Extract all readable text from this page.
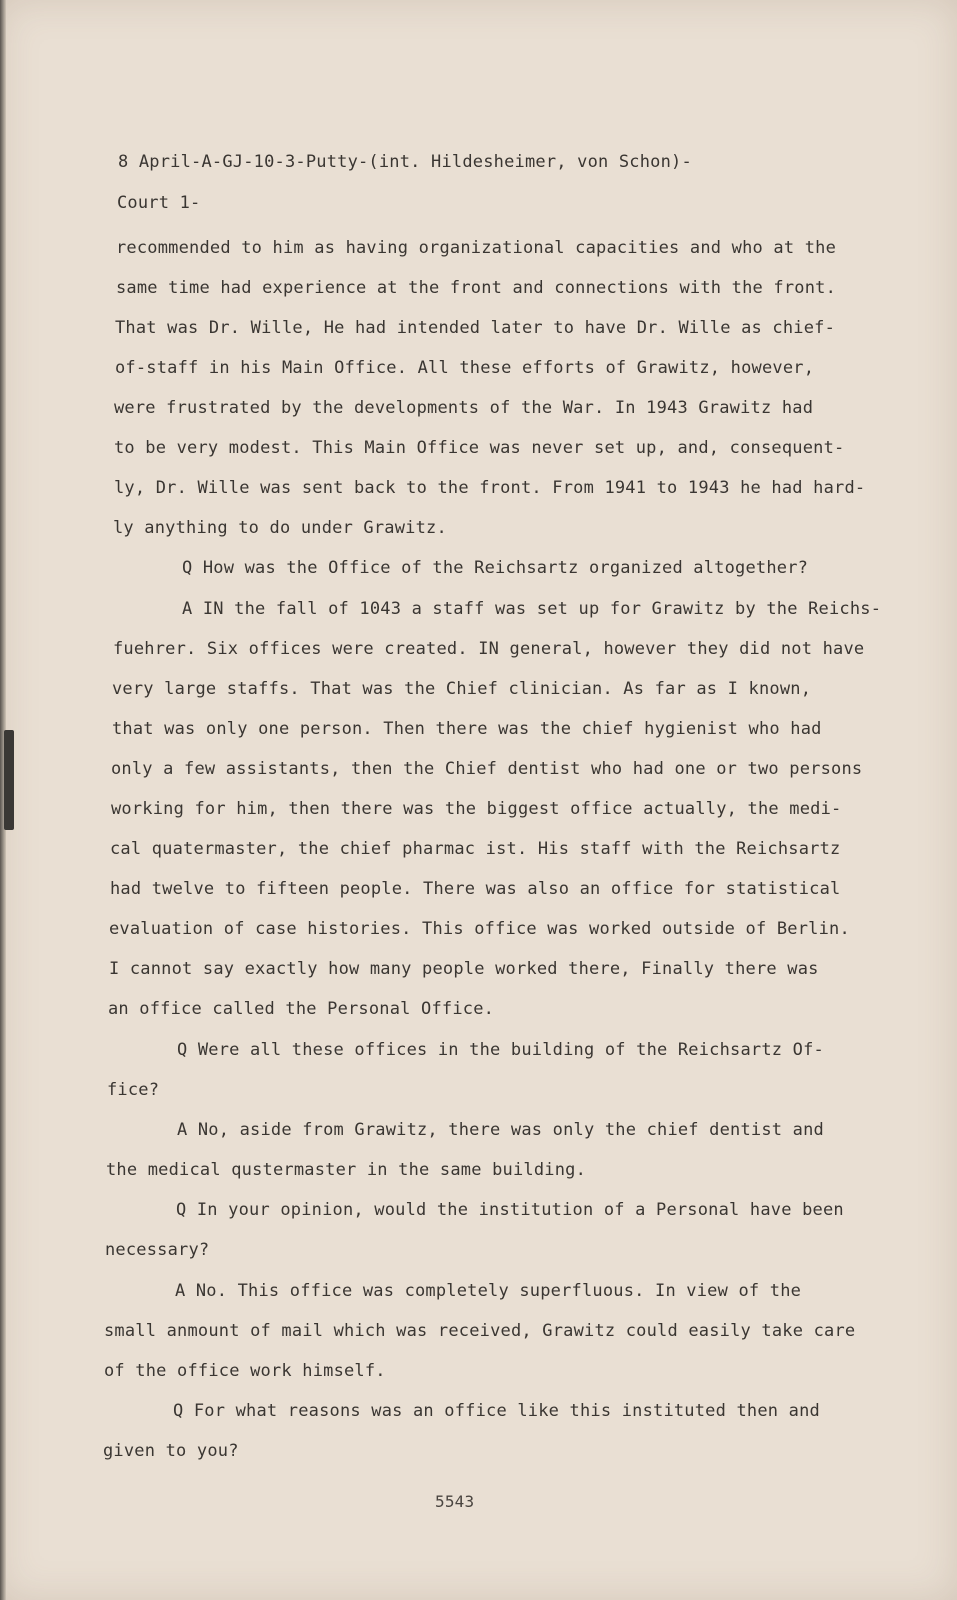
8 April-A-GJ-10-3-Putty-(int. Hildesheimer, von Schon)-
Court 1-
recommended to him as having organizational capacities and who at the
same time had experience at the front and connections with the front.
That was Dr. Wille, He had intended later to have Dr. Wille as chief-
of-staff in his Main Office. All these efforts of Grawitz, however,
were frustrated by the developments of the War. In 1943 Grawitz had
to be very modest. This Main Office was never set up, and, consequent-
ly, Dr. Wille was sent back to the front. From 1941 to 1943 he had hard-
ly anything to do under Grawitz.
Q How was the Office of the Reichsartz organized altogether?
A IN the fall of 1043 a staff was set up for Grawitz by the Reichs-
fuehrer. Six offices were created. IN general, however they did not have
very large staffs. That was the Chief clinician. As far as I known,
that was only one person. Then there was the chief hygienist who had
only a few assistants, then the Chief dentist who had one or two persons
working for him, then there was the biggest office actually, the medi-
cal quatermaster, the chief pharmac ist. His staff with the Reichsartz
had twelve to fifteen people. There was also an office for statistical
evaluation of case histories. This office was worked outside of Berlin.
I cannot say exactly how many people worked there, Finally there was
an office called the Personal Office.
Q Were all these offices in the building of the Reichsartz Of-
fice?
A No, aside from Grawitz, there was only the chief dentist and
the medical qustermaster in the same building.
Q In your opinion, would the institution of a Personal have been
necessary?
A No. This office was completely superfluous. In view of the
small anmount of mail which was received, Grawitz could easily take care
of the office work himself.
Q For what reasons was an office like this instituted then and
given to you?
5543
